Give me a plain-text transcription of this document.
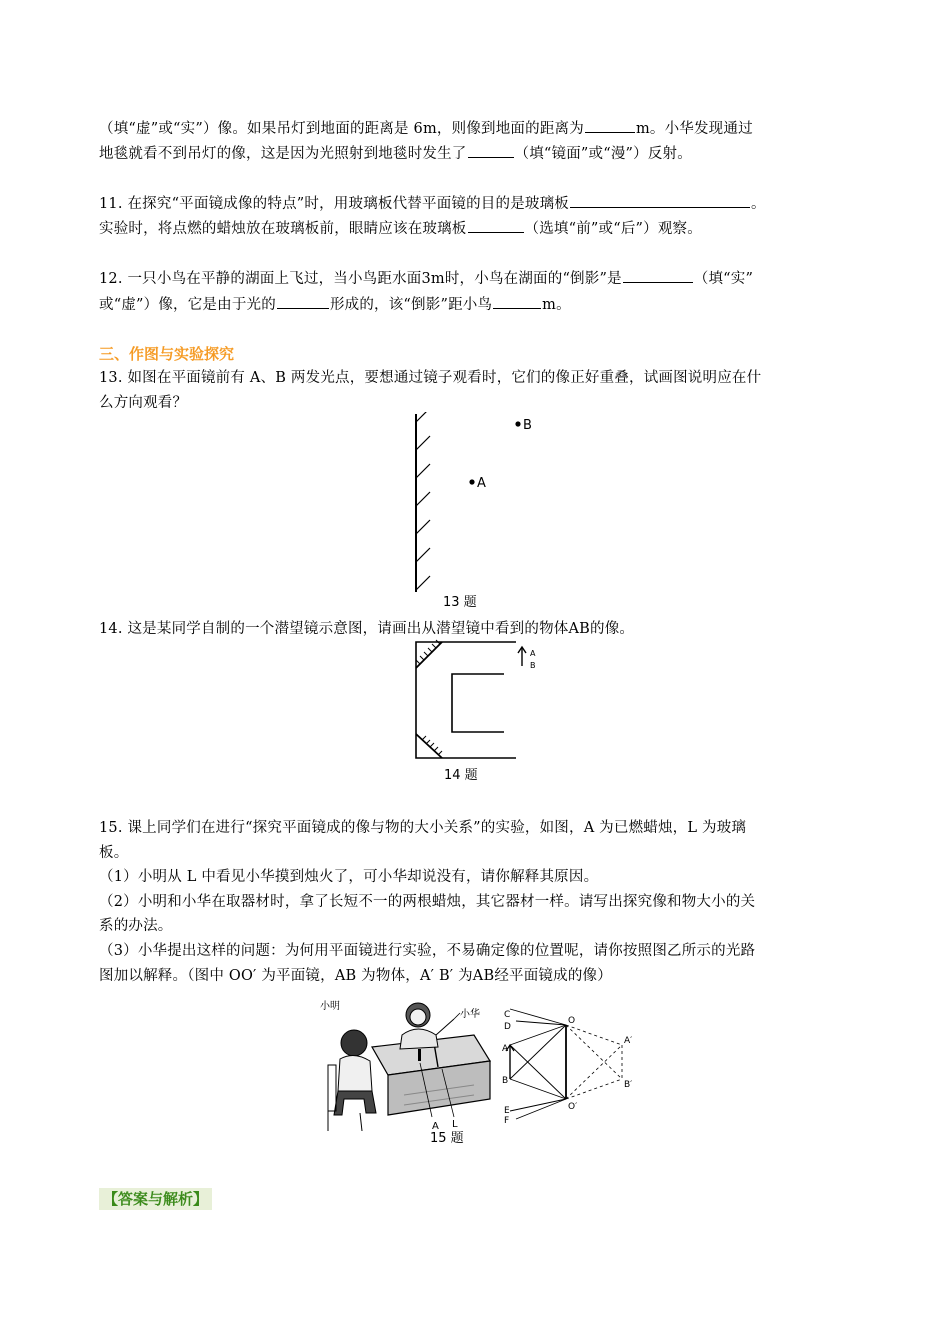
（填“虚”或“实”）像。如果吊灯到地面的距离是 6m，则像到地面的距离为	m。小华发现通过
地毯就看不到吊灯的像，这是因为光照射到地毯时发生了	（填“镜面”或“漫”）反射。
11. 在探究“平面镜成像的特点”时，用玻璃板代替平面镜的目的是玻璃板	。
实验时，将点燃的蜡烛放在玻璃板前，眼睛应该在玻璃板	（选填“前”或“后”）观察。
12. 一只小鸟在平静的湖面上飞过，当小鸟距水面3m时，小鸟在湖面的“倒影”是	（填“实”
或“虚”）像，它是由于光的	形成的，该“倒影”距小鸟	m。
三、作图与实验探究
13. 如图在平面镜前有 A、B 两发光点，要想通过镜子观看时，它们的像正好重叠，试画图说明应在什
么方向观看？
B
A
13 题
14. 这是某同学自制的一个潜望镜示意图，请画出从潜望镜中看到的物体AB的像。
A
B
14 题
15. 课上同学们在进行“探究平面镜成的像与物的大小关系”的实验，如图，A 为已燃蜡烛，L 为玻璃
板。
（1）小明从 L 中看见小华摸到烛火了，可小华却说没有，请你解释其原因。
（2）小明和小华在取器材时，拿了长短不一的两根蜡烛，其它器材一样。请写出探究像和物大小的关
系的办法。
（3）小华提出这样的问题：为何用平面镜进行实验，不易确定像的位置呢，请你按照图乙所示的光路
图加以解释。（图中 OO′ 为平面镜，AB 为物体，A′ B′ 为AB经平面镜成的像）
小明
小华
A L
C
D
A
B
O
O′
A′
B′
E
F
15 题
【答案与解析】
